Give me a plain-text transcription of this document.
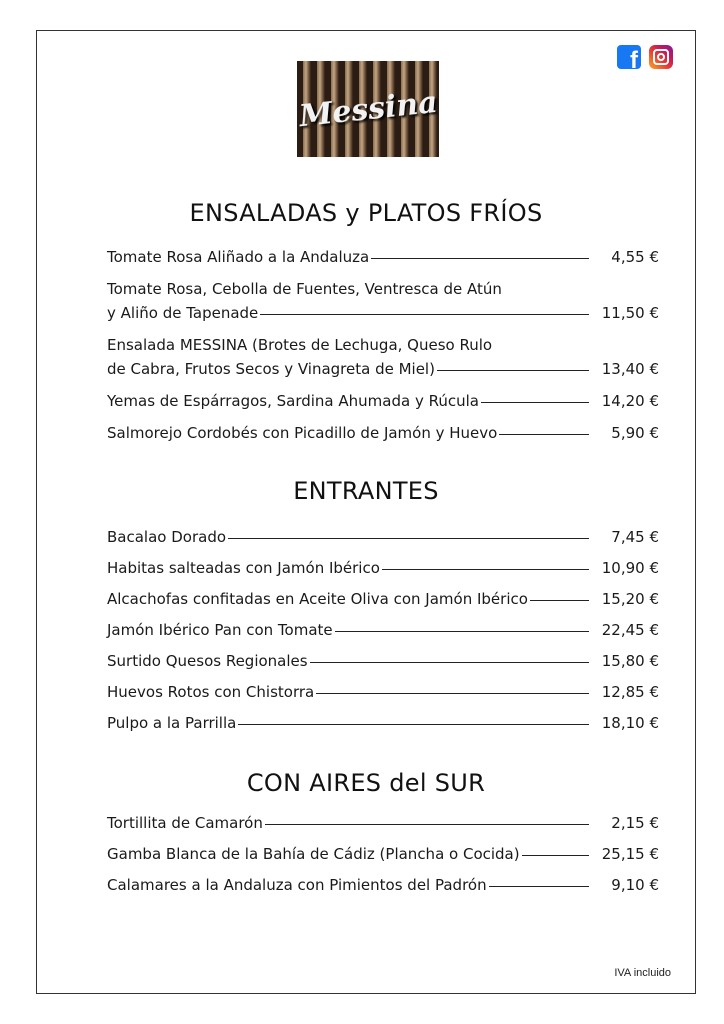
f
Messina
ENSALADAS y PLATOS FRÍOS
Tomate Rosa Aliñado a la Andaluza	4,55 €
Tomate Rosa, Cebolla de Fuentes, Ventresca de Atún
y Aliño de Tapenade	11,50 €
Ensalada MESSINA (Brotes de Lechuga, Queso Rulo
de Cabra, Frutos Secos y Vinagreta de Miel)	13,40 €
Yemas de Espárragos, Sardina Ahumada y Rúcula	14,20 €
Salmorejo Cordobés con Picadillo de Jamón y Huevo	5,90 €
ENTRANTES
Bacalao Dorado	7,45 €
Habitas salteadas con Jamón Ibérico	10,90 €
Alcachofas confitadas en Aceite Oliva con Jamón Ibérico	15,20 €
Jamón Ibérico Pan con Tomate	22,45 €
Surtido Quesos Regionales	15,80 €
Huevos Rotos con Chistorra	12,85 €
Pulpo a la Parrilla	18,10 €
CON AIRES del SUR
Tortillita de Camarón	2,15 €
Gamba Blanca de la Bahía de Cádiz (Plancha o Cocida)	25,15 €
Calamares a la Andaluza con Pimientos del Padrón	9,10 €
IVA incluido
